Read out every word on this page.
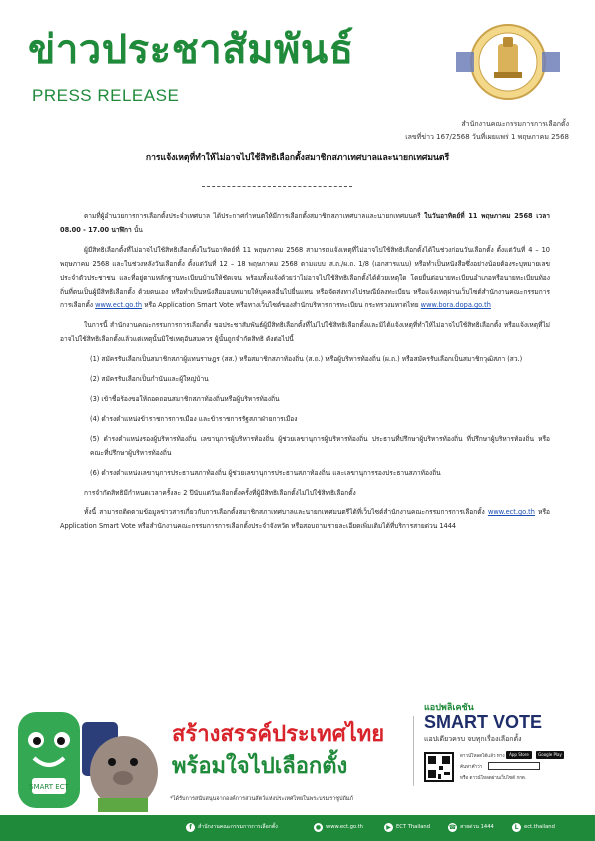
ข่าวประชาสัมพันธ์
PRESS RELEASE
สำนักงานคณะกรรมการการเลือกตั้ง
เลขที่ข่าว 167/2568 วันที่เผยแพร่ 1 พฤษภาคม 2568
การแจ้งเหตุที่ทำให้ไม่อาจไปใช้สิทธิเลือกตั้งสมาชิกสภาเทศบาลและนายกเทศมนตรี

ตามที่ผู้อำนวยการการเลือกตั้งประจำเทศบาล ได้ประกาศกำหนดให้มีการเลือกตั้งสมาชิกสภาเทศบาลและนายกเทศมนตรี ในวันอาทิตย์ที่ 11 พฤษภาคม 2568 เวลา 08.00 - 17.00 นาฬิกา นั้น

ผู้มีสิทธิเลือกตั้งที่ไม่อาจไปใช้สิทธิเลือกตั้งในวันอาทิตย์ที่ 11 พฤษภาคม 2568 สามารถแจ้งเหตุที่ไม่อาจไปใช้สิทธิเลือกตั้งได้ในช่วงก่อนวันเลือกตั้ง ตั้งแต่วันที่ 4 – 10 พฤษภาคม 2568 และในช่วงหลังวันเลือกตั้ง ตั้งแต่วันที่ 12 – 18 พฤษภาคม 2568 ตามแบบ ส.ถ./ผ.ถ. 1/8 (เอกสารแนบ) หรือทำเป็นหนังสือซึ่งอย่างน้อยต้องระบุหมายเลขประจำตัวประชาชน และที่อยู่ตามหลักฐานทะเบียนบ้านให้ชัดเจน พร้อมทั้งแจ้งด้วยว่าไม่อาจไปใช้สิทธิเลือกตั้งได้ด้วยเหตุใด โดยยื่นต่อนายทะเบียนอำเภอหรือนายทะเบียนท้องถิ่นที่ตนเป็นผู้มีสิทธิเลือกตั้ง ด้วยตนเอง หรือทำเป็นหนังสือมอบหมายให้บุคคลอื่นไปยื่นแทน หรือจัดส่งทางไปรษณีย์ลงทะเบียน หรือแจ้งเหตุผ่านเว็บไซต์สำนักงานคณะกรรมการการเลือกตั้ง www.ect.go.th หรือ Application Smart Vote หรือทางเว็บไซต์ของสำนักบริหารการทะเบียน กระทรวงมหาดไทย www.bora.dopa.go.th

ในการนี้ สำนักงานคณะกรรมการการเลือกตั้ง ขอประชาสัมพันธ์ผู้มีสิทธิเลือกตั้งที่ไม่ไปใช้สิทธิเลือกตั้งและมิได้แจ้งเหตุที่ทำให้ไม่อาจไปใช้สิทธิเลือกตั้ง หรือแจ้งเหตุที่ไม่อาจไปใช้สิทธิเลือกตั้งแล้วแต่เหตุนั้นมิใช่เหตุอันสมควร ผู้นั้นถูกจำกัดสิทธิ ดังต่อไปนี้

(1) สมัครรับเลือกเป็นสมาชิกสภาผู้แทนราษฎร (สส.) หรือสมาชิกสภาท้องถิ่น (ส.ถ.) หรือผู้บริหารท้องถิ่น (ผ.ถ.) หรือสมัครรับเลือกเป็นสมาชิกวุฒิสภา (สว.)

(2) สมัครรับเลือกเป็นกำนันและผู้ใหญ่บ้าน

(3) เข้าชื่อร้องขอให้ถอดถอนสมาชิกสภาท้องถิ่นหรือผู้บริหารท้องถิ่น

(4) ดำรงตำแหน่งข้าราชการการเมือง และข้าราชการรัฐสภาฝ่ายการเมือง

(5) ดำรงตำแหน่งรองผู้บริหารท้องถิ่น เลขานุการผู้บริหารท้องถิ่น ผู้ช่วยเลขานุการผู้บริหารท้องถิ่น ประธานที่ปรึกษาผู้บริหารท้องถิ่น ที่ปรึกษาผู้บริหารท้องถิ่น หรือคณะที่ปรึกษาผู้บริหารท้องถิ่น

(6) ดำรงตำแหน่งเลขานุการประธานสภาท้องถิ่น ผู้ช่วยเลขานุการประธานสภาท้องถิ่น และเลขานุการรองประธานสภาท้องถิ่น

การจำกัดสิทธิมีกำหนดเวลาครั้งละ 2 ปีนับแต่วันเลือกตั้งครั้งที่ผู้มีสิทธิเลือกตั้งไม่ไปใช้สิทธิเลือกตั้ง

ทั้งนี้ สามารถติดตามข้อมูลข่าวสารเกี่ยวกับการเลือกตั้งสมาชิกสภาเทศบาลและนายกเทศมนตรีได้ที่เว็บไซต์สำนักงานคณะกรรมการการเลือกตั้ง www.ect.go.th หรือ Application Smart Vote หรือสำนักงานคณะกรรมการการเลือกตั้งประจำจังหวัด หรือสอบถามรายละเอียดเพิ่มเติมได้ที่บริการสายด่วน 1444

SMART ECT
สร้างสรรค์ประเทศไทย
พร้อมใจไปเลือกตั้ง
แอปพลิเคชัน
SMART VOTE
แอปเดียวครบ จบทุกเรื่องเลือกตั้ง
ดาวน์โหลดได้แล้ว ทาง	App Store	Google Play
ค้นหาคำว่า
หรือ ดาวน์โหลดผ่านเว็บไซต์ กกต.
*ได้รับการสนับสนุนจากองค์การสวนสัตว์แห่งประเทศไทยในพระบรมราชูปถัมภ์
f	สำนักงานคณะกรรมการการเลือกตั้ง	● www.ect.go.th	▶ ECT Thailand	☎ สายด่วน 1444	L	ect.thailand
